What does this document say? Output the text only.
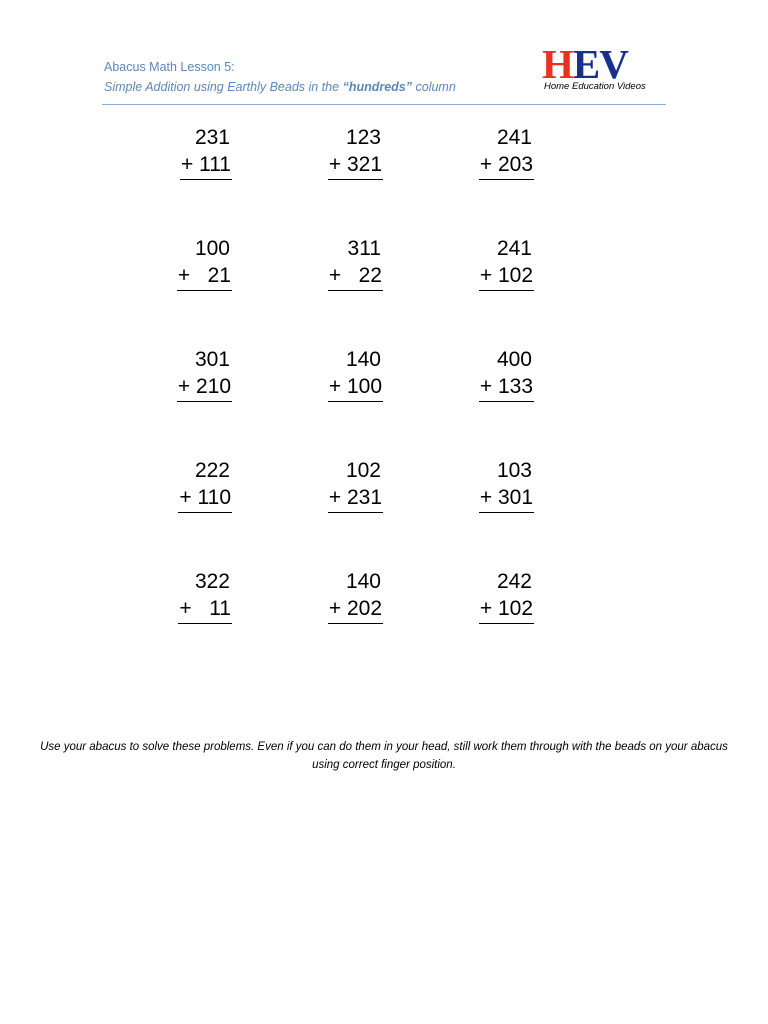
Abacus Math Lesson 5:
Simple Addition using Earthly Beads in the “hundreds” column HEV
Home Education Videos
231
+ 111
123
+ 321
241
+ 203
100
+   21
311
+   22
241
+ 102
301
+ 210
140
+ 100
400
+ 133
222
+ 110
102
+ 231
103
+ 301
322
+   11
140
+ 202
242
+ 102
Use your abacus to solve these problems. Even if you can do them in your head, still work them through with the beads on your abacus using correct finger position.
